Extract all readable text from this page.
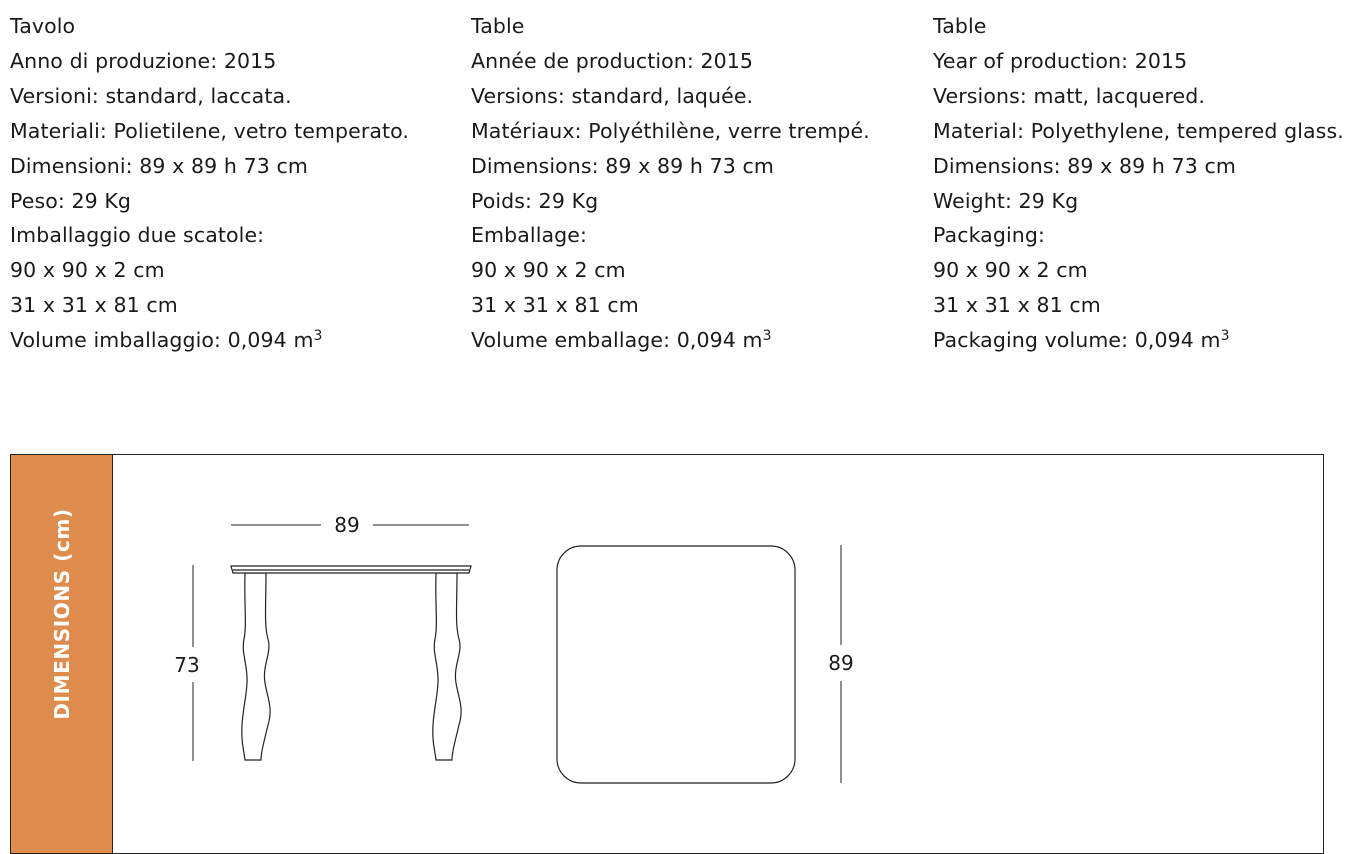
Tavolo
Anno di produzione: 2015
Versioni: standard, laccata.
Materiali: Polietilene, vetro temperato.
Dimensioni: 89 x 89 h 73 cm
Peso: 29 Kg
Imballaggio due scatole:
90 x 90 x 2 cm
31 x 31 x 81 cm
Volume imballaggio: 0,094 $m^3$
Table
Année de production: 2015
Versions: standard, laquée.
Matériaux: Polyéthilène, verre trempé.
Dimensions: 89 x 89 h 73 cm
Poids: 29 Kg
Emballage:
90 x 90 x 2 cm
31 x 31 x 81 cm
Volume emballage: 0,094 $m^3$
Table
Year of production: 2015
Versions: matt, lacquered.
Material: Polyethylene, tempered glass.
Dimensions: 89 x 89 h 73 cm
Weight: 29 Kg
Packaging:
90 x 90 x 2 cm
31 x 31 x 81 cm
Packaging volume: 0,094 $m^3$
DIMENSIONS (cm)	89
73	89
